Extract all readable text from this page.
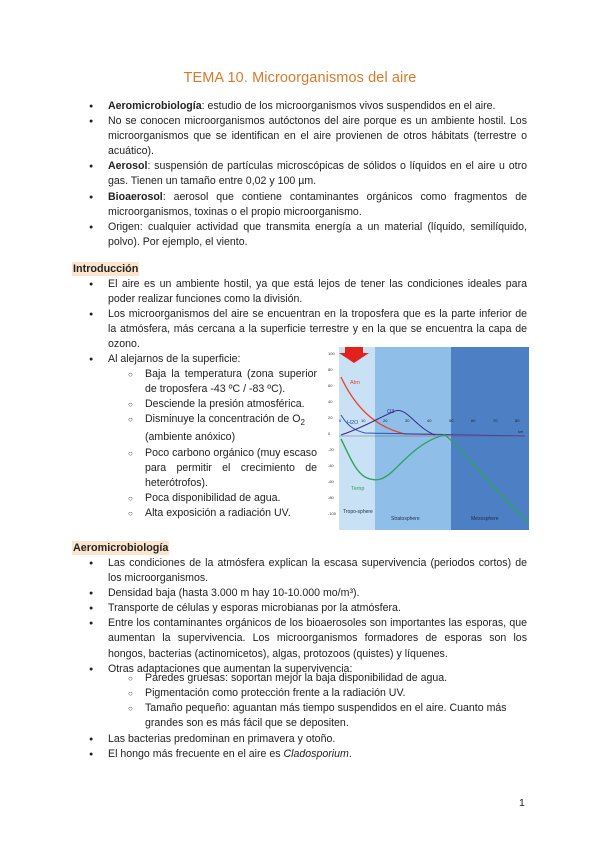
TEMA 10. Microorganismos del aire
● Aeromicrobiología: estudio de los microorganismos vivos suspendidos en el aire.
● No se conocen microorganismos autóctonos del aire porque es un ambiente hostil. Los microorganismos que se identifican en el aire provienen de otros hábitats (terrestre o acuático).
● Aerosol: suspensión de partículas microscópicas de sólidos o líquidos en el aire u otro gas. Tienen un tamaño entre 0,02 y 100 µm.
● Bioaerosol: aerosol que contiene contaminantes orgánicos como fragmentos de microorganismos, toxinas o el propio microorganismo.
● Origen: cualquier actividad que transmita energía a un material (líquido, semilíquido, polvo). Por ejemplo, el viento.
Introducción
● El aire es un ambiente hostil, ya que está lejos de tener las condiciones ideales para poder realizar funciones como la división.
● Los microorganismos del aire se encuentran en la troposfera que es la parte inferior de la atmósfera, más cercana a la superficie terrestre y en la que se encuentra la capa de ozono.
● Al alejarnos de la superficie:
○ Baja la temperatura (zona superior de troposfera -43 ºC / -83 ºC).
○ Desciende la presión atmosférica.
○ Disminuye la concentración de $O_2$
(ambiente anóxico)
○ Poco carbono orgánico (muy escaso para permitir el crecimiento de heterótrofos).
○ Poca disponibilidad de agua.
○ Alta exposición a radiación UV.
100
80
60
40
20
0
-20
-40
-60
-80
-100
0	10	20	30	40	50	60	70	80
km
Atm
H2O
O3
Temp
Tropo-sphere
Stratosphere	Mesosphere
Aeromicrobiología
● Las condiciones de la atmósfera explican la escasa supervivencia (periodos cortos) de los microorganismos.
● Densidad baja (hasta 3.000 m hay 10-10.000 mo/m³).
● Transporte de células y esporas microbianas por la atmósfera.
● Entre los contaminantes orgánicos de los bioaerosoles son importantes las esporas, que aumentan la supervivencia. Los microorganismos formadores de esporas son los hongos, bacterias (actinomicetos), algas, protozoos (quistes) y líquenes.
● Otras adaptaciones que aumentan la supervivencia:
○ Paredes gruesas: soportan mejor la baja disponibilidad de agua.
○ Pigmentación como protección frente a la radiación UV.
○ Tamaño pequeño: aguantan más tiempo suspendidos en el aire. Cuanto más grandes son es más fácil que se depositen.
● Las bacterias predominan en primavera y otoño.
● El hongo más frecuente en el aire es Cladosporium.
1
